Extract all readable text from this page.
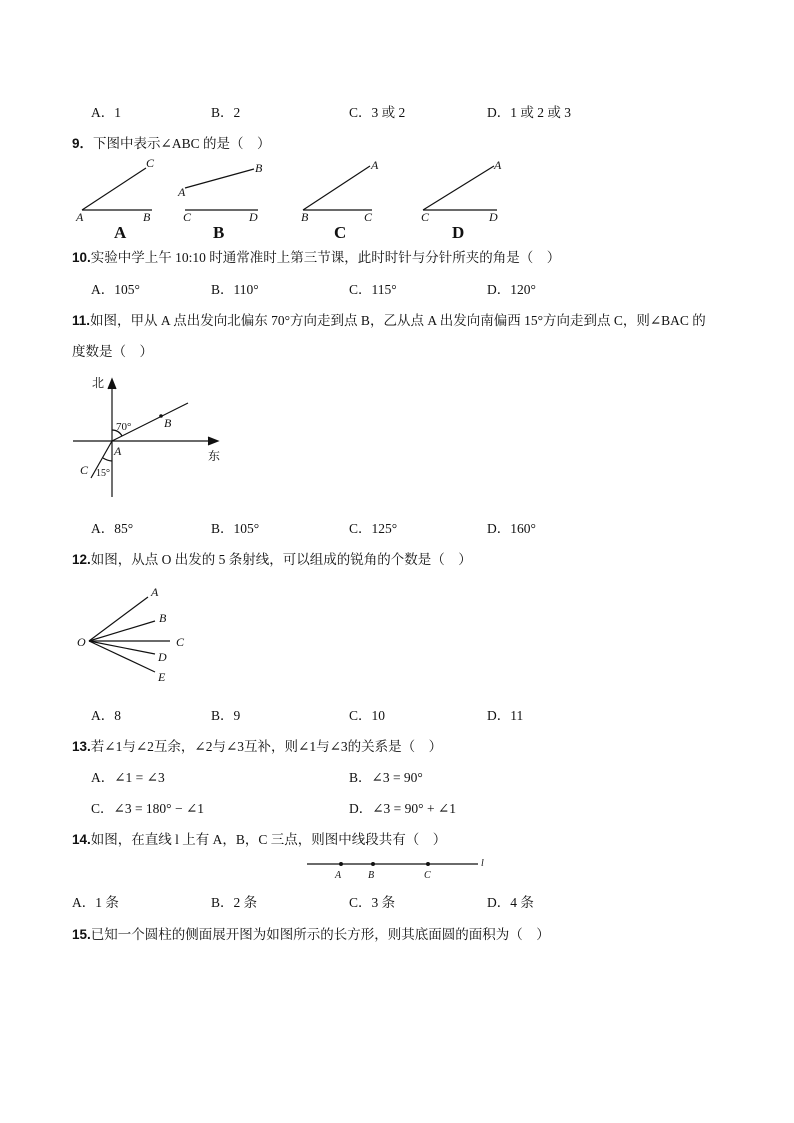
A．1	B．2	C．3 或 2	D．1 或 2 或 3
9．下图中表示∠ABC 的是（　）
C
A	B
B
A
C	D
A
B	C
A
C	D
A	B	C	D
10.实验中学上午 10:10 时通常准时上第三节课，此时时针与分针所夹的角是（　）
A．105°	B．110°	C．115°	D．120°
11.如图，甲从 A 点出发向北偏东 70°方向走到点 B，乙从点 A 出发向南偏西 15°方向走到点 C，则∠BAC 的
度数是（　）
北
东
70°
15°
A
B
C
A．85°	B．105°	C．125°	D．160°
12.如图，从点 O 出发的 5 条射线，可以组成的锐角的个数是（　）
O
A
B
C
D
E
A．8	B．9	C．10	D．11
13.若∠1与∠2互余，∠2与∠3互补，则∠1与∠3的关系是（　）
A．∠1 = ∠3	B．∠3 = 90°
C．∠3 = 180° − ∠1	D．∠3 = 90° + ∠1
14.如图，在直线 l 上有 A，B，C 三点，则图中线段共有（　）
A	B	C
l
A．1 条	B．2 条	C．3 条	D．4 条
15.已知一个圆柱的侧面展开图为如图所示的长方形，则其底面圆的面积为（　）
